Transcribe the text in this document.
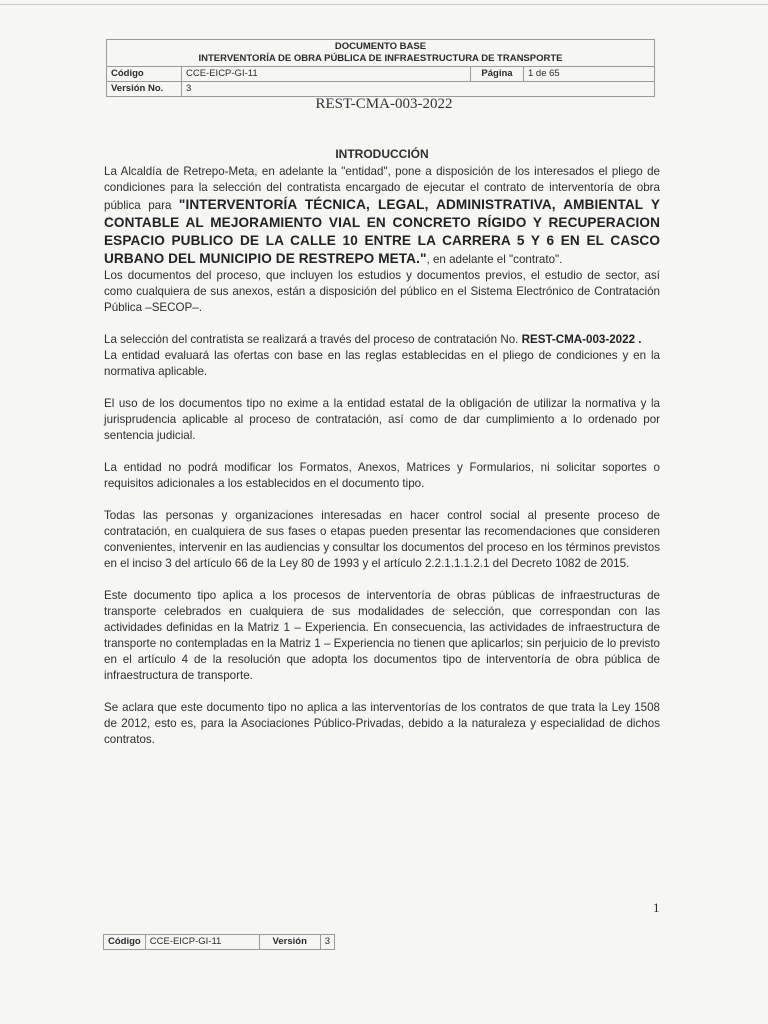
DOCUMENTO BASE
INTERVENTORÍA DE OBRA PÚBLICA DE INFRAESTRUCTURA DE TRANSPORTE
Código	CCE-EICP-GI-11	Página	1 de 65
Versión No.	3
REST-CMA-003-2022
INTRODUCCIÓN

La Alcaldía de Retrepo-Meta, en adelante la "entidad", pone a disposición de los interesados el pliego de condiciones para la selección del contratista encargado de ejecutar el contrato de interventoría de obra pública para "INTERVENTORÍA TÉCNICA, LEGAL, ADMINISTRATIVA, AMBIENTAL Y CONTABLE AL MEJORAMIENTO VIAL EN CONCRETO RÍGIDO Y RECUPERACION ESPACIO PUBLICO DE LA CALLE 10 ENTRE LA CARRERA 5 Y 6 EN EL CASCO URBANO DEL MUNICIPIO DE RESTREPO META.", en adelante el "contrato".

Los documentos del proceso, que incluyen los estudios y documentos previos, el estudio de sector, así como cualquiera de sus anexos, están a disposición del público en el Sistema Electrónico de Contratación Pública –SECOP–.

La selección del contratista se realizará a través del proceso de contratación No. REST-CMA-003-2022 .

La entidad evaluará las ofertas con base en las reglas establecidas en el pliego de condiciones y en la normativa aplicable.

El uso de los documentos tipo no exime a la entidad estatal de la obligación de utilizar la normativa y la jurisprudencia aplicable al proceso de contratación, así como de dar cumplimiento a lo ordenado por sentencia judicial.

La entidad no podrá modificar los Formatos, Anexos, Matrices y Formularios, ni solicitar soportes o requisitos adicionales a los establecidos en el documento tipo.

Todas las personas y organizaciones interesadas en hacer control social al presente proceso de contratación, en cualquiera de sus fases o etapas pueden presentar las recomendaciones que consideren convenientes, intervenir en las audiencias y consultar los documentos del proceso en los términos previstos en el inciso 3 del artículo 66 de la Ley 80 de 1993 y el artículo 2.2.1.1.1.2.1 del Decreto 1082 de 2015.

Este documento tipo aplica a los procesos de interventoría de obras públicas de infraestructuras de transporte celebrados en cualquiera de sus modalidades de selección, que correspondan con las actividades definidas en la Matriz 1 – Experiencia. En consecuencia, las actividades de infraestructura de transporte no contempladas en la Matriz 1 – Experiencia no tienen que aplicarlos; sin perjuicio de lo previsto en el artículo 4 de la resolución que adopta los documentos tipo de interventoría de obra pública de infraestructura de transporte.

Se aclara que este documento tipo no aplica a las interventorías de los contratos de que trata la Ley 1508 de 2012, esto es, para la Asociaciones Público-Privadas, debido a la naturaleza y especialidad de dichos contratos.

1
Código CCE-EICP-GI-11	Versión	3
